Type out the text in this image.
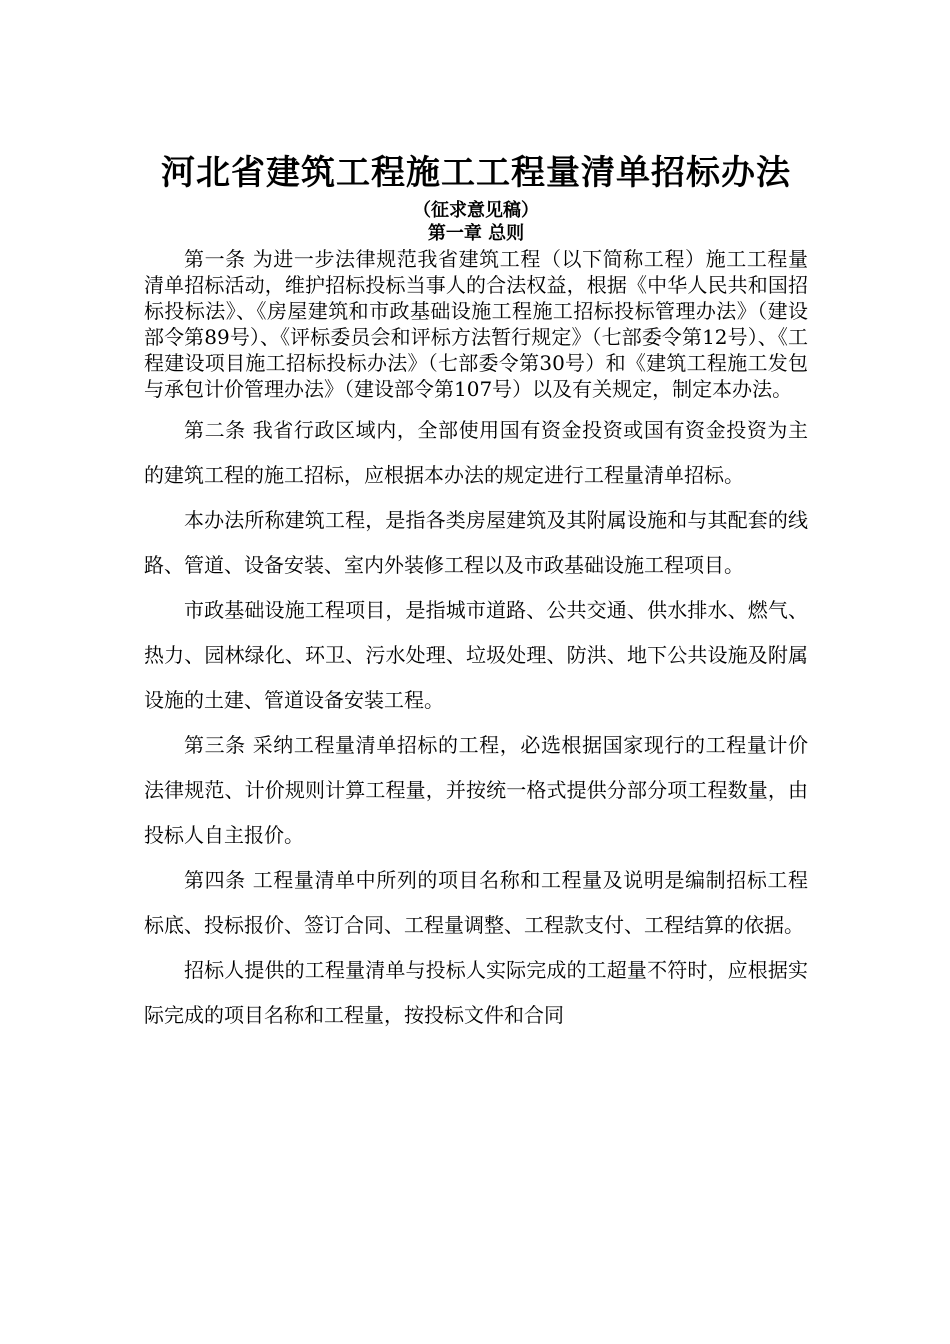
河北省建筑工程施工工程量清单招标办法
（征求意见稿）
第一章 总则

第一条 为进一步法律规范我省建筑工程（以下简称工程）施工工程量清单招标活动，维护招标投标当事人的合法权益，根据《中华人民共和国招标投标法》、《房屋建筑和市政基础设施工程施工招标投标管理办法》（建设部令第89号）、《评标委员会和评标方法暂行规定》（七部委令第12号）、《工程建设项目施工招标投标办法》（七部委令第30号）和《建筑工程施工发包与承包计价管理办法》（建设部令第107号）以及有关规定，制定本办法。

第二条 我省行政区域内，全部使用国有资金投资或国有资金投资为主的建筑工程的施工招标，应根据本办法的规定进行工程量清单招标。

本办法所称建筑工程，是指各类房屋建筑及其附属设施和与其配套的线路、管道、设备安装、室内外装修工程以及市政基础设施工程项目。

市政基础设施工程项目，是指城市道路、公共交通、供水排水、燃气、热力、园林绿化、环卫、污水处理、垃圾处理、防洪、地下公共设施及附属设施的土建、管道设备安装工程。

第三条 采纳工程量清单招标的工程，必选根据国家现行的工程量计价法律规范、计价规则计算工程量，并按统一格式提供分部分项工程数量，由投标人自主报价。

第四条 工程量清单中所列的项目名称和工程量及说明是编制招标工程标底、投标报价、签订合同、工程量调整、工程款支付、工程结算的依据。

招标人提供的工程量清单与投标人实际完成的工超量不符时，应根据实际完成的项目名称和工程量，按投标文件和合同
